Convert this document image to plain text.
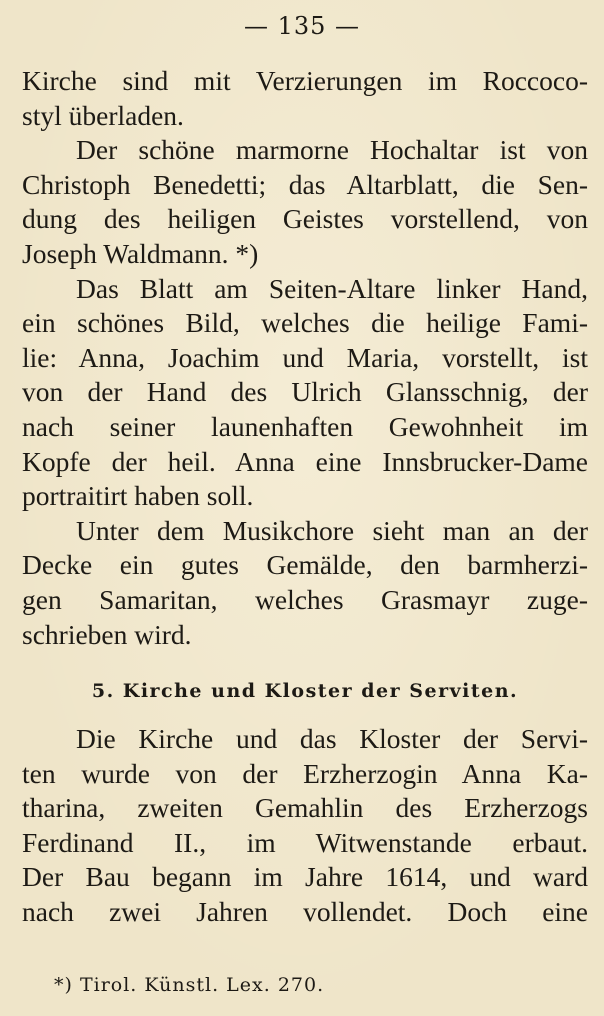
— 135 —
Kirche sind mit Verzierungen im Roccoco-
styl überladen.
Der schöne marmorne Hochaltar ist von
Christoph Benedetti; das Altarblatt, die Sen-
dung des heiligen Geistes vorstellend, von
Joseph Waldmann. *)
Das Blatt am Seiten-Altare linker Hand,
ein schönes Bild, welches die heilige Fami-
lie: Anna, Joachim und Maria, vorstellt, ist
von der Hand des Ulrich Glansschnig, der
nach seiner launenhaften Gewohnheit im
Kopfe der heil. Anna eine Innsbrucker-Dame
portraitirt haben soll.
Unter dem Musikchore sieht man an der
Decke ein gutes Gemälde, den barmherzi-
gen Samaritan, welches Grasmayr zuge-
schrieben wird.
5. Kirche und Kloster der Serviten.
Die Kirche und das Kloster der Servi-
ten wurde von der Erzherzogin Anna Ka-
tharina, zweiten Gemahlin des Erzherzogs
Ferdinand II., im Witwenstande erbaut.
Der Bau begann im Jahre 1614, und ward
nach zwei Jahren vollendet. Doch eine
*) Tirol. Künstl. Lex. 270.
